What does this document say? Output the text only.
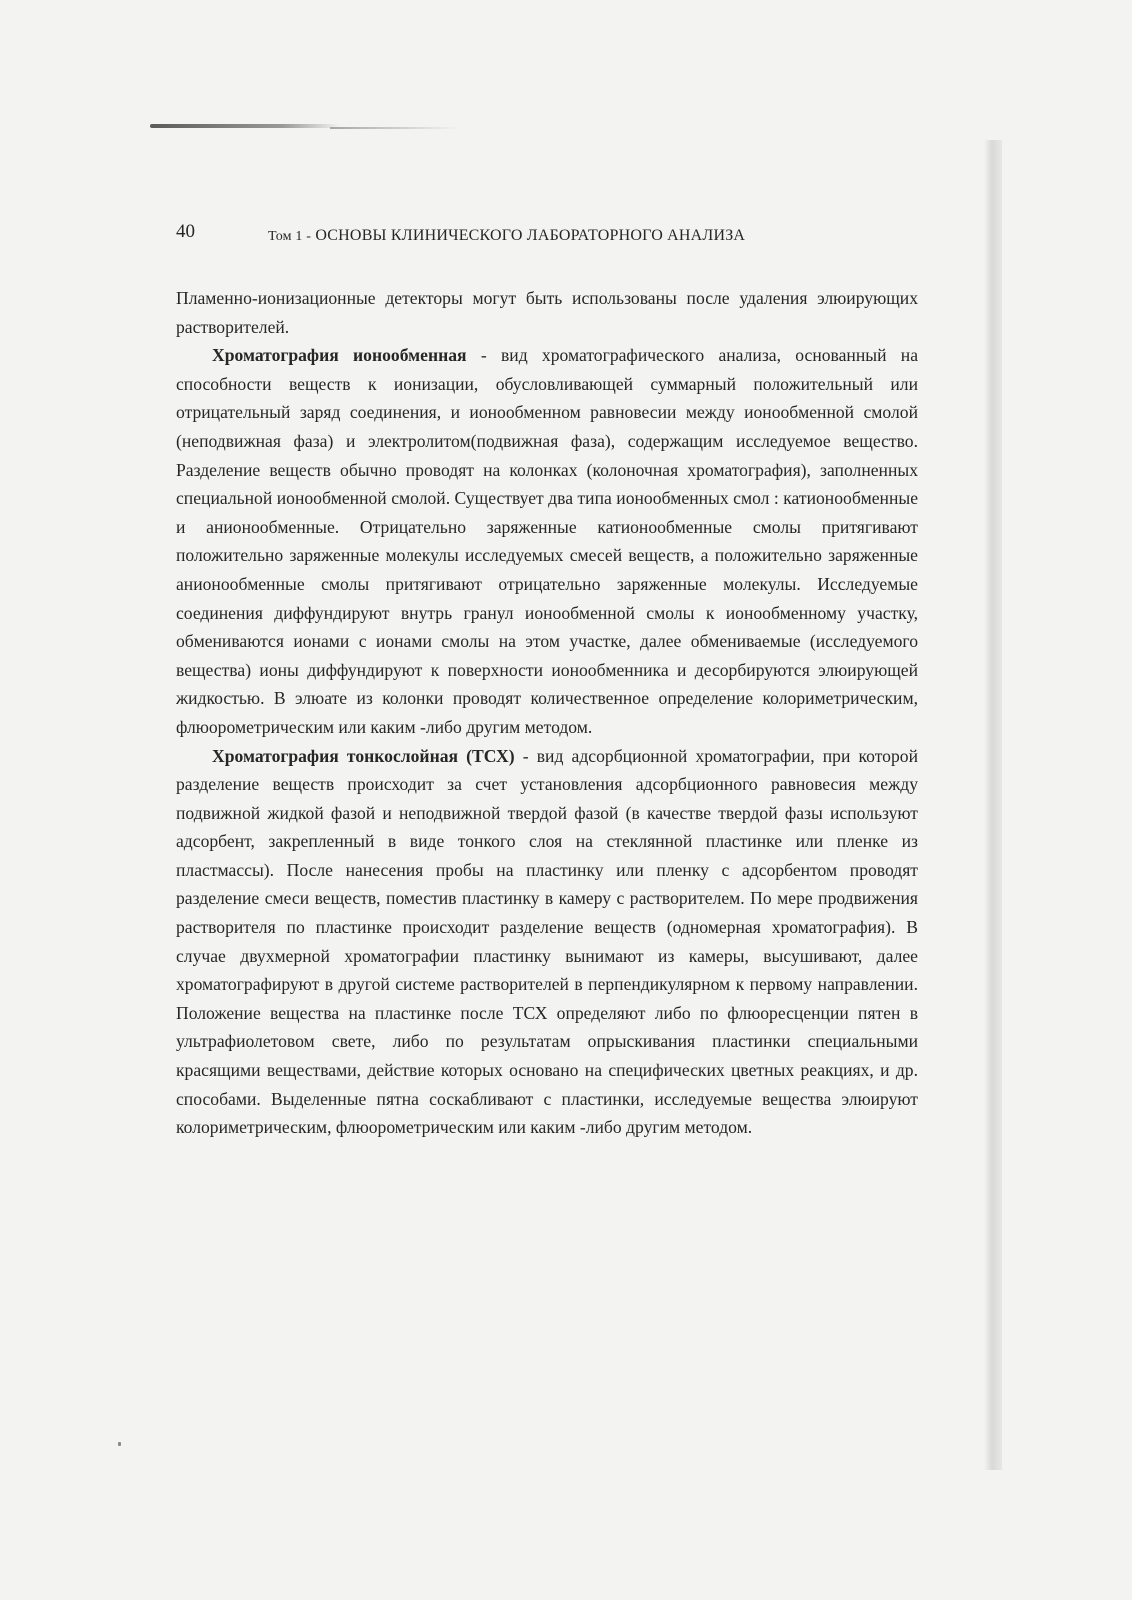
40	Том 1 - ОСНОВЫ КЛИНИЧЕСКОГО ЛАБОРАТОРНОГО АНАЛИЗА

Пламенно-ионизационные детекторы могут быть использованы после удаления элюирующих растворителей.

Хроматография ионообменная - вид хроматографического анализа, основанный на способности веществ к ионизации, обусловливающей суммарный положительный или отрицательный заряд соединения, и ионообменном равновесии между ионообменной смолой (неподвижная фаза) и электролитом(подвижная фаза), содержащим исследуемое вещество. Разделение веществ обычно проводят на колонках (колоночная хроматография), заполненных специальной ионообменной смолой. Существует два типа ионообменных смол : катионообменные и анионообменные. Отрицательно заряженные катионообменные смолы притягивают положительно заряженные молекулы исследуемых смесей веществ, а положительно заряженные анионообменные смолы притягивают отрицательно заряженные молекулы. Исследуемые соединения диффундируют внутрь гранул ионообменной смолы к ионообменному участку, обмениваются ионами с ионами смолы на этом участке, далее обмениваемые (исследуемого вещества) ионы диффундируют к поверхности ионообменника и десорбируются элюирующей жидкостью. В элюате из колонки проводят количественное определение колориметрическим, флюорометрическим или каким -либо другим методом.

Хроматография тонкослойная (ТСХ) - вид адсорбционной хроматографии, при которой разделение веществ происходит за счет установления адсорбционного равновесия между подвижной жидкой фазой и неподвижной твердой фазой (в качестве твердой фазы используют адсорбент, закрепленный в виде тонкого слоя на стеклянной пластинке или пленке из пластмассы). После нанесения пробы на пластинку или пленку с адсорбентом проводят разделение смеси веществ, поместив пластинку в камеру с растворителем. По мере продвижения растворителя по пластинке происходит разделение веществ (одномерная хроматография). В случае двухмерной хроматографии пластинку вынимают из камеры, высушивают, далее хроматографируют в другой системе растворителей в перпендикулярном к первому направлении. Положение вещества на пластинке после ТСХ определяют либо по флюоресценции пятен в ультрафиолетовом свете, либо по результатам опрыскивания пластинки специальными красящими веществами, действие которых основано на специфических цветных реакциях, и др. способами. Выделенные пятна соскабливают с пластинки, исследуемые вещества элюируют колориметрическим, флюорометрическим или каким -либо другим методом.
